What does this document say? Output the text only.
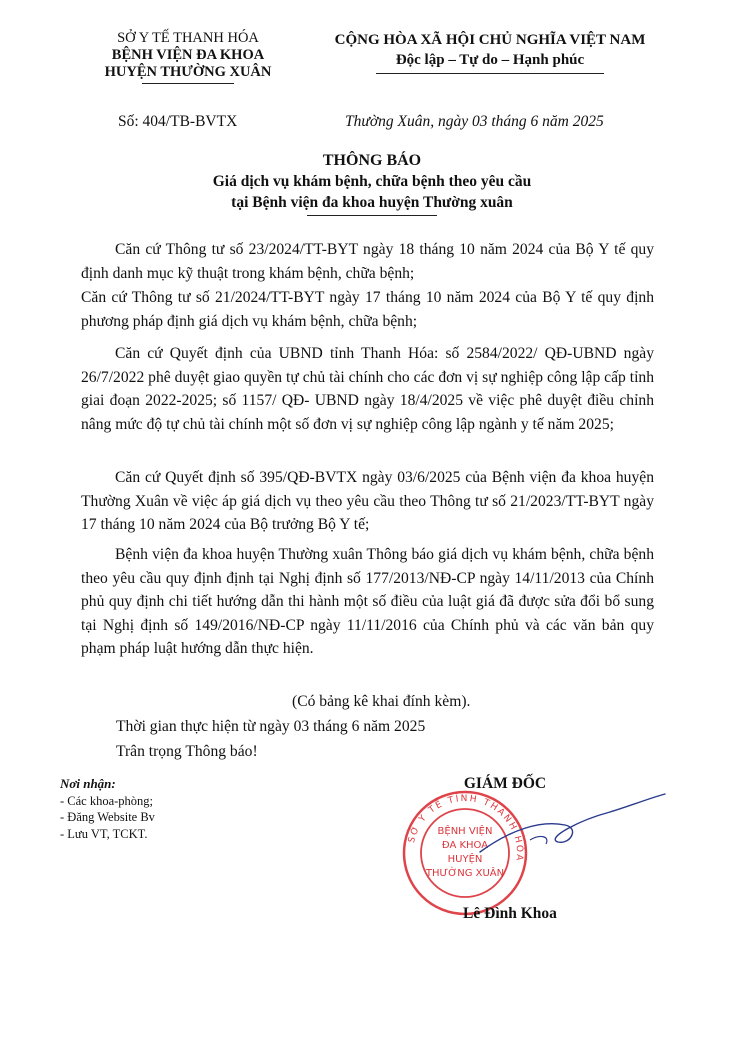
SỞ Y TẾ THANH HÓA
BỆNH VIỆN ĐA KHOA
HUYỆN THƯỜNG XUÂN
CỘNG HÒA XÃ HỘI CHỦ NGHĨA VIỆT NAM
Độc lập – Tự do – Hạnh phúc
Số: 404/TB-BVTX	Thường Xuân, ngày 03 tháng 6 năm 2025
THÔNG BÁO
Giá dịch vụ khám bệnh, chữa bệnh theo yêu cầu
tại Bệnh viện đa khoa huyện Thường xuân
Căn cứ Thông tư số 23/2024/TT-BYT ngày 18 tháng 10 năm 2024 của Bộ Y tế quy định danh mục kỹ thuật trong khám bệnh, chữa bệnh;
Căn cứ Thông tư số 21/2024/TT-BYT ngày 17 tháng 10 năm 2024 của Bộ Y tế quy định phương pháp định giá dịch vụ khám bệnh, chữa bệnh;
Căn cứ Quyết định của UBND tỉnh Thanh Hóa: số 2584/2022/ QĐ-UBND ngày 26/7/2022 phê duyệt giao quyền tự chủ tài chính cho các đơn vị sự nghiệp công lập cấp tỉnh giai đoạn 2022-2025; số 1157/ QĐ- UBND ngày 18/4/2025 về việc phê duyệt điều chỉnh nâng mức độ tự chủ tài chính một số đơn vị sự nghiệp công lập ngành y tế năm 2025;
Căn cứ Quyết định số 395/QĐ-BVTX ngày 03/6/2025 của Bệnh viện đa khoa huyện Thường Xuân về việc áp giá dịch vụ theo yêu cầu theo Thông tư số 21/2023/TT-BYT ngày 17 tháng 10 năm 2024 của Bộ trưởng Bộ Y tế;
Bệnh viện đa khoa huyện Thường xuân Thông báo giá dịch vụ khám bệnh, chữa bệnh theo yêu cầu quy định định tại Nghị định số 177/2013/NĐ-CP ngày 14/11/2013 của Chính phủ quy định chi tiết hướng dẫn thi hành một số điều của luật giá đã được sửa đổi bổ sung tại Nghị định số 149/2016/NĐ-CP ngày 11/11/2016 của Chính phủ và các văn bản quy phạm pháp luật hướng dẫn thực hiện.
(Có bảng kê khai đính kèm).
Thời gian thực hiện từ ngày 03 tháng 6 năm 2025
Trân trọng Thông báo!
Nơi nhận:
- Các khoa-phòng;
- Đăng Website Bv
- Lưu VT, TCKT.
GIÁM ĐỐC
SỞ Y TẾ TỈNH THANH HÓA
BỆNH VIỆN
ĐA KHOA
HUYỆN
THƯỜNG XUÂN
Lê Đình Khoa
